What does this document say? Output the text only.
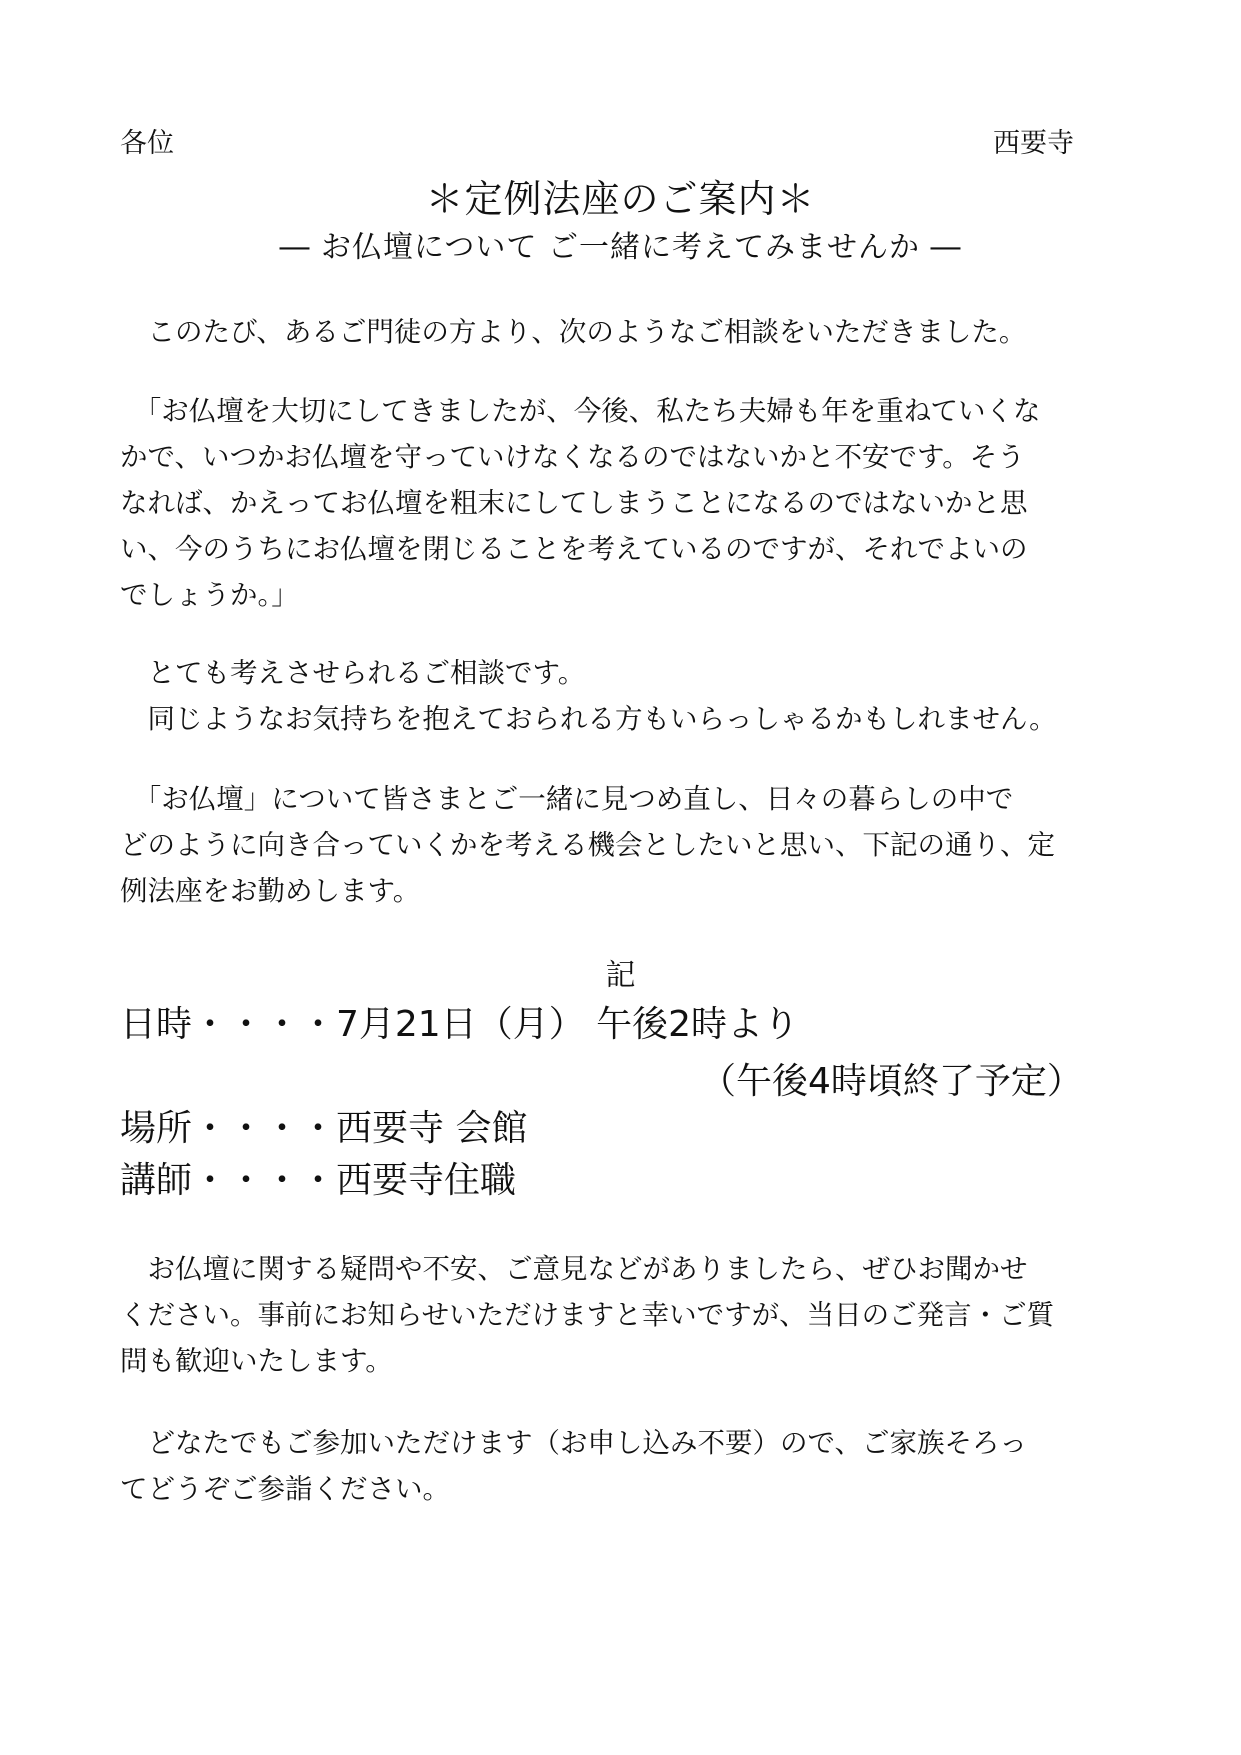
各位	西要寺
＊定例法座のご案内＊
― お仏壇について ご一緒に考えてみませんか ―
　このたび、あるご門徒の方より、次のようなご相談をいただきました。
　「お仏壇を大切にしてきましたが、今後、私たち夫婦も年を重ねていくな
かで、いつかお仏壇を守っていけなくなるのではないかと不安です。そう
なれば、かえってお仏壇を粗末にしてしまうことになるのではないかと思
い、今のうちにお仏壇を閉じることを考えているのですが、それでよいの
でしょうか。」
　とても考えさせられるご相談です。
　同じようなお気持ちを抱えておられる方もいらっしゃるかもしれません。
　「お仏壇」について皆さまとご一緒に見つめ直し、日々の暮らしの中で
どのように向き合っていくかを考える機会としたいと思い、下記の通り、定
例法座をお勤めします。
記
日時・・・・7月21日（月） 午後2時より
（午後4時頃終了予定）
場所・・・・西要寺 会館
講師・・・・西要寺住職
　お仏壇に関する疑問や不安、ご意見などがありましたら、ぜひお聞かせ
ください。事前にお知らせいただけますと幸いですが、当日のご発言・ご質
問も歓迎いたします。
　どなたでもご参加いただけます（お申し込み不要）ので、ご家族そろっ
てどうぞご参詣ください。
